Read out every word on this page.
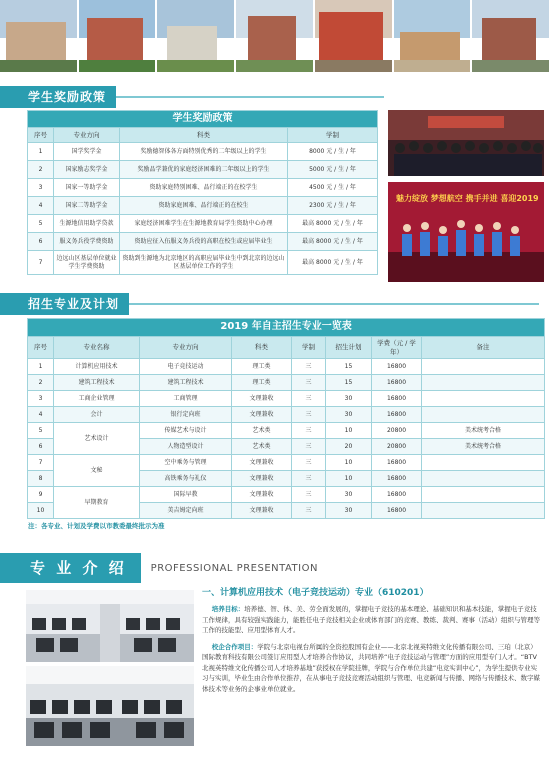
学生奖励政策
学生奖励政策			
序号	专业方向	科类	学制
1	国学奖学金	奖励德智体各方面特别优秀的二年级以上的学生	8000 元 / 生 / 年
2	国家励志奖学金	奖励品学兼优的家庭经济困难的二年级以上的学生	5000 元 / 生 / 年
3	国家一等助学金	资助家庭特别困难、品行端正的在校学生	4500 元 / 生 / 年
4	国家二等助学金	资助家庭困难、品行端正的在校生	2300 元 / 生 / 年
5	生源地信用助学贷款	家庭经济困难学生在生源地教育局学生资助中心办理	最高 8000 元 / 生 / 年
6	服义务兵役学费资助	资助应征入伍服义务兵役的高职在校生或应届毕业生	最高 8000 元 / 生 / 年
7	边远山区基层单位就业学生学费资助	资助到生源地为北京地区的高职应届毕业生中到北京的边远山区基层单位工作的学生	最高 8000 元 / 生 / 年
魅力绽放 梦想航空 携手并进 喜迎2019
招生专业及计划
2019 年自主招生专业一览表							
序号	专业名称	专业方向	科类	学制	招生计划	学费（元 / 学年）	备注
1	计算机应用技术	电子竞技运动	理工类	三	15	16800	
2	建筑工程技术	建筑工程技术	理工类	三	15	16800	
3	工商企业管理	工商管理	文理兼收	三	30	16800	
4	会计	银行定向班	文理兼收	三	30	16800	
5	艺术设计	传媒艺术与设计	艺术类	三	10	20800	美术统考合格
6		人物造型设计	艺术类	三	20	20800	美术统考合格
7	文秘	空中乘务与管理	文理兼收	三	10	16800	
8		高铁乘务与礼仪	文理兼收	三	10	16800	
9	早期教育	国际早教	文理兼收	三	30	16800	
10		美吉姆定向班	文理兼收	三	30	16800	
注：各专业、计划及学费以市教委最终批示为准
专 业 介 绍	PROFESSIONAL PRESENTATION
一、计算机应用技术（电子竞技运动）专业（610201）

培养目标：培养德、智、体、美、劳全面发展的，掌握电子竞技的基本理论、基础知识和基本技能，掌握电子竞技工作规律，具有较强实践能力，能胜任电子竞技相关企业或体育部门的竞赛、教练、裁判、赛事（活动）组织与管理等工作的技能型、应用型体育人才。

校企合作项目：学院与北京电视台所属的全资控股国有企业——北京北视英特维文化传播有限公司、三珀（北京）国际教育科技有限公司签订应用型人才培养合作协议，共同培养“电子竞技运动与管理”方面的应用型专门人才。“BTV 北视英特维文化传播公司人才培养基地”获授权在学院挂牌，学院与合作单位共建“电竞实训中心”，为学生提供专业实习与实训，毕业生由合作单位推荐，在从事电子竞技竞赛活动组织与管理、电竞新闻与传播、网络与传播技术、数字媒体技术等业务的企事业单位就业。
